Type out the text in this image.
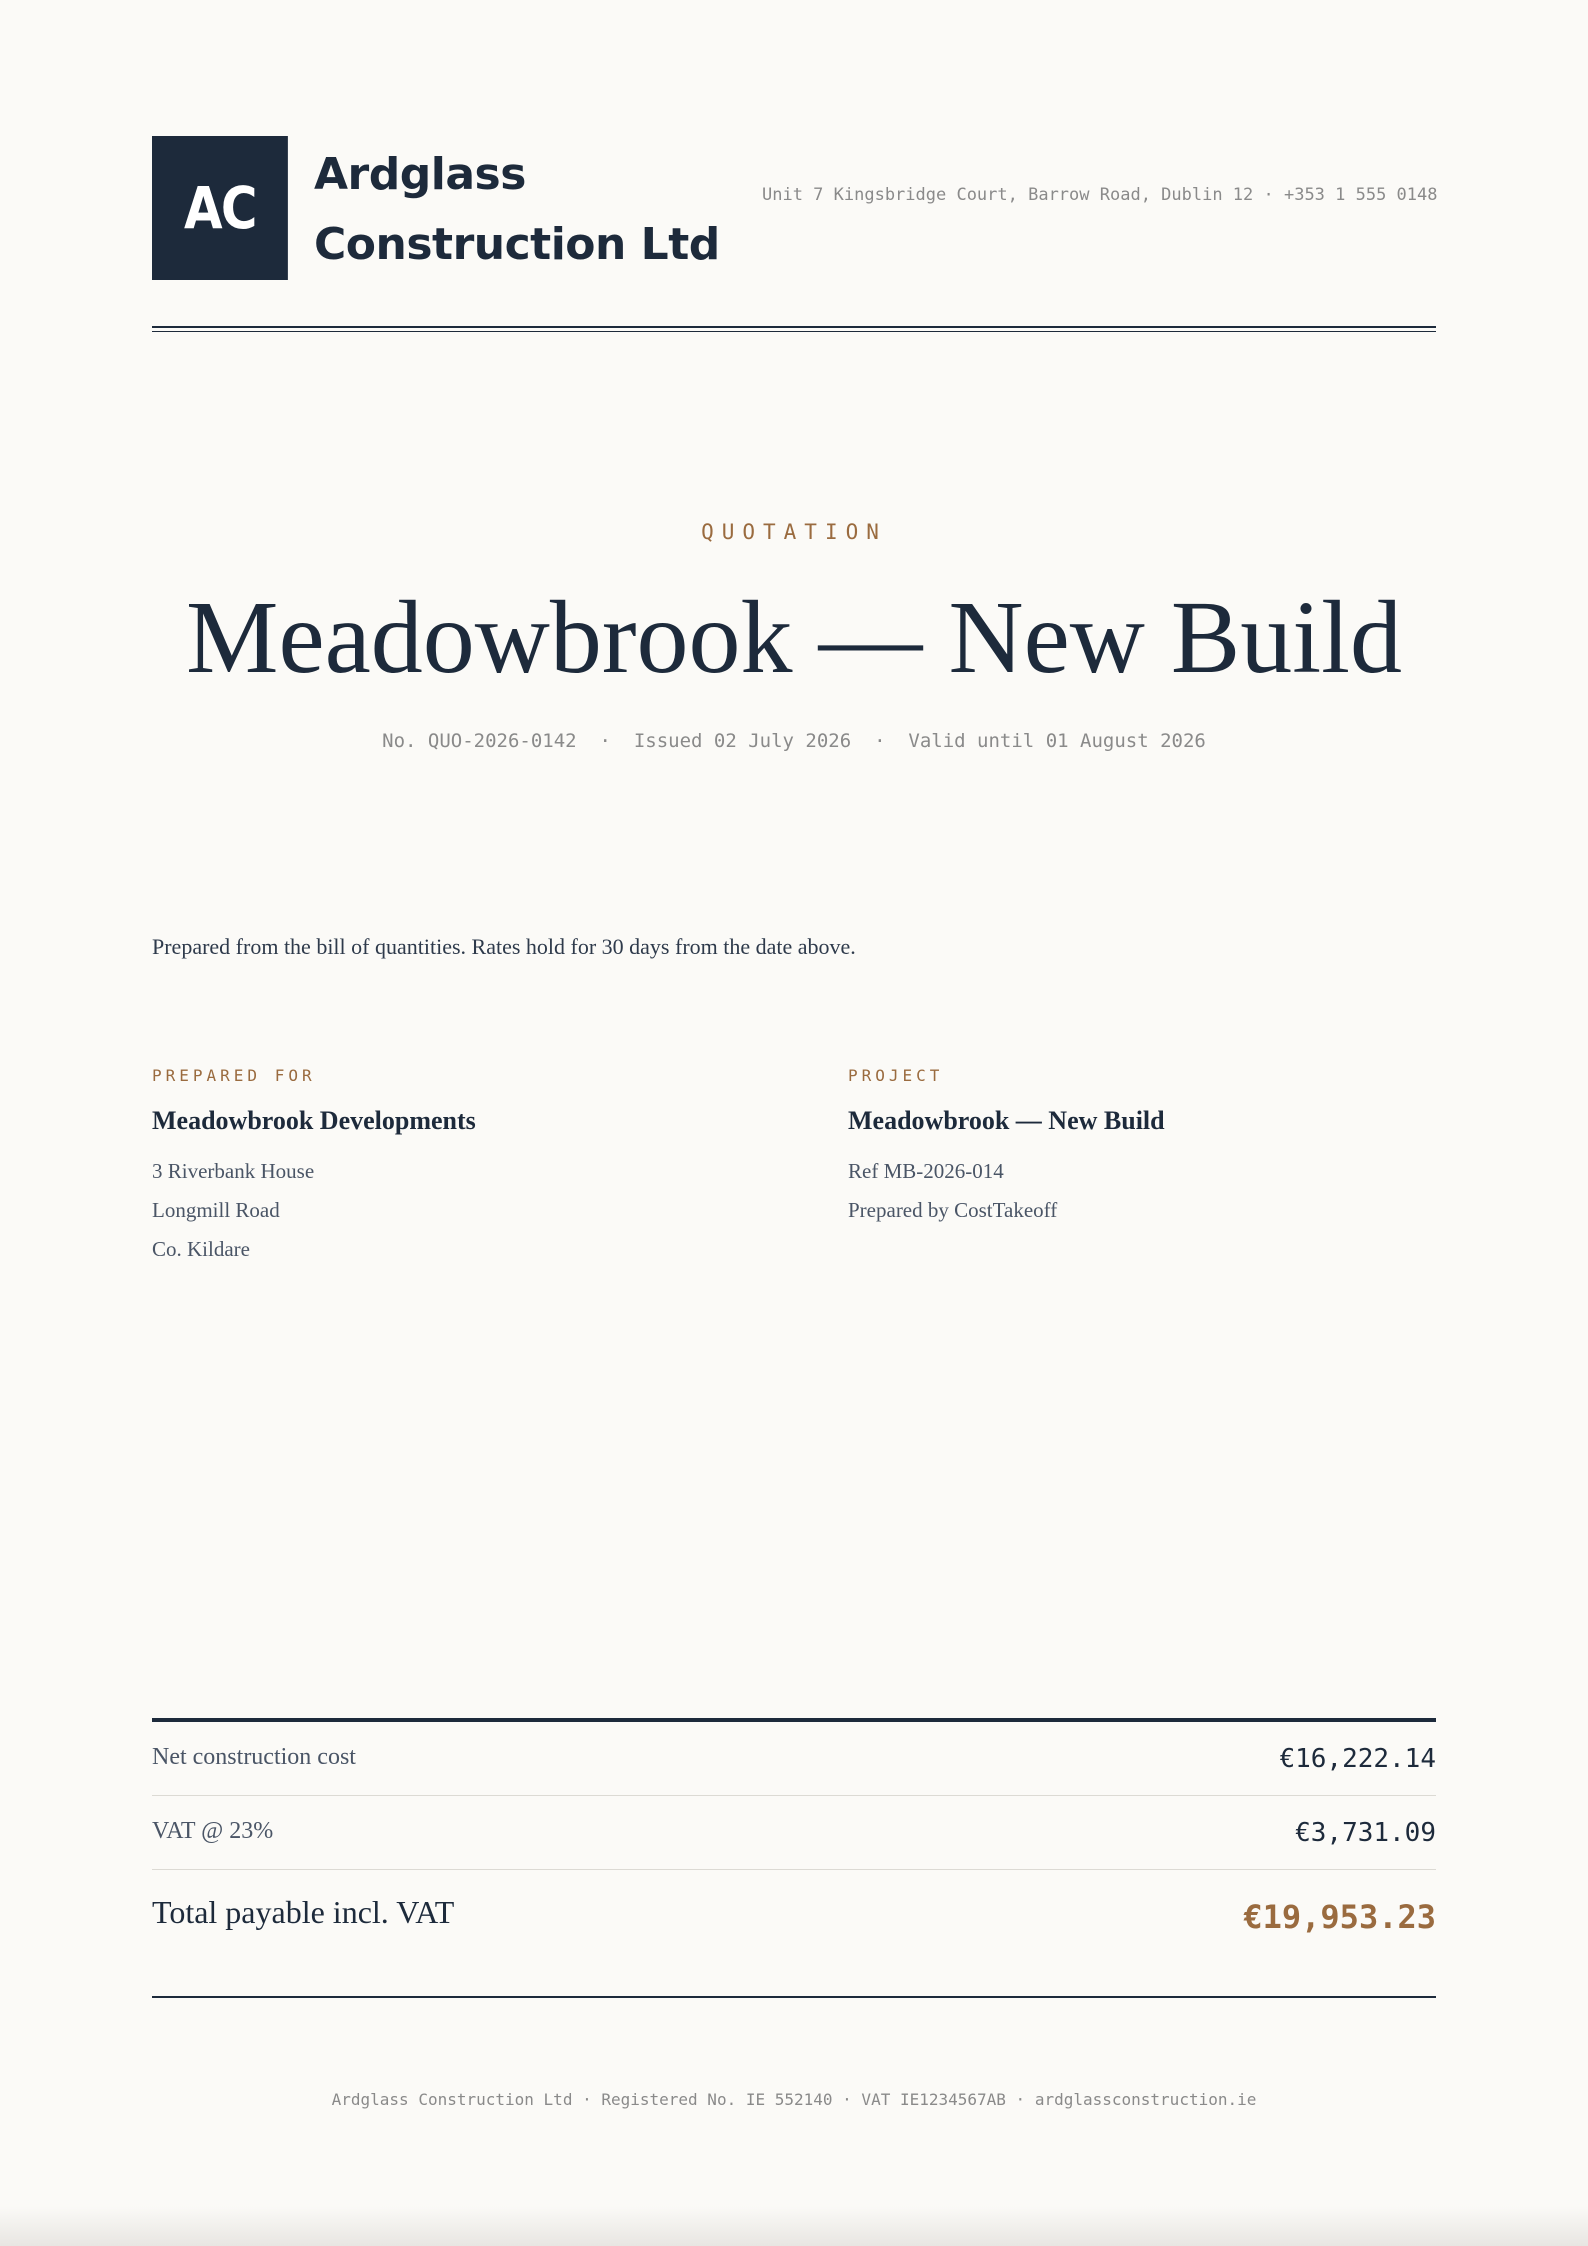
AC	Ardglass Construction Ltd
Unit 7 Kingsbridge Court, Barrow Road, Dublin 12 · +353 1 555 0148
QUOTATION
Meadowbrook — New Build
No. QUO-2026-0142 · Issued 02 July 2026 · Valid until 01 August 2026
Prepared from the bill of quantities. Rates hold for 30 days from the date above.
PREPARED FOR
Meadowbrook Developments
3 Riverbank House
Longmill Road
Co. Kildare
PROJECT
Meadowbrook — New Build
Ref MB-2026-014
Prepared by CostTakeoff
Net construction cost	€16,222.14
VAT @ 23%	€3,731.09
Total payable incl. VAT	€19,953.23
Ardglass Construction Ltd · Registered No. IE 552140 · VAT IE1234567AB · ardglassconstruction.ie
